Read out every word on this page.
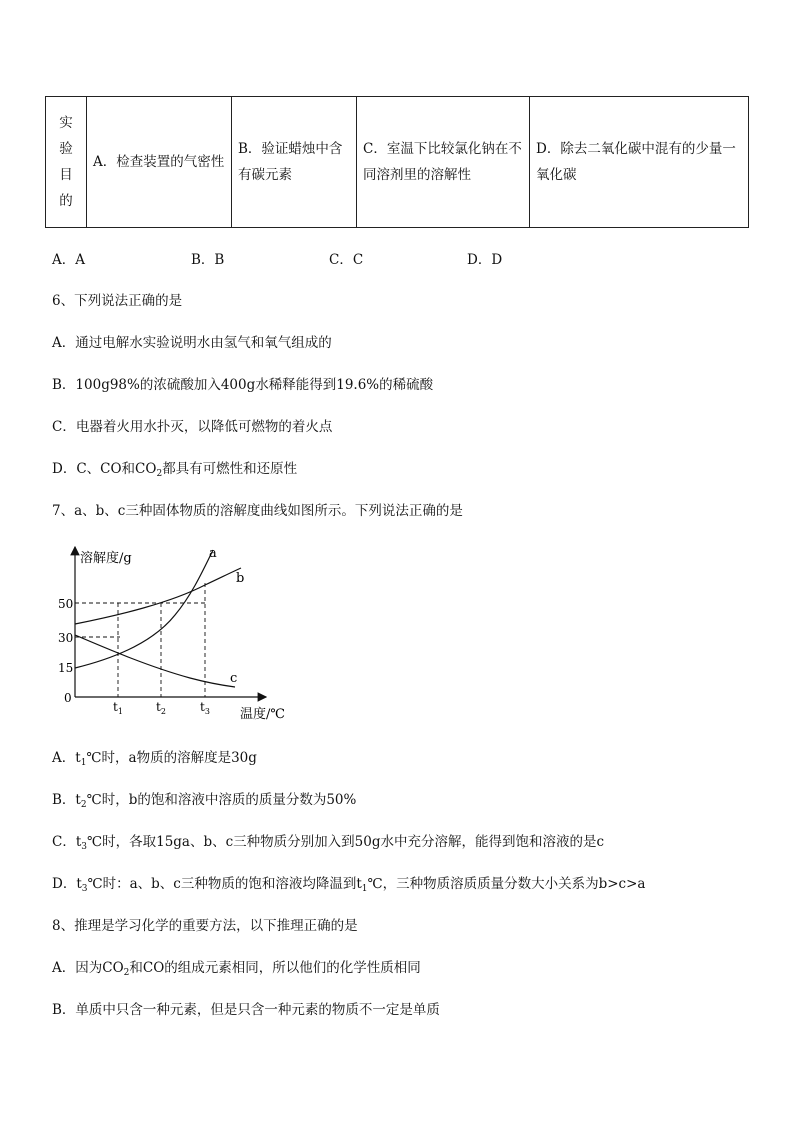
实
验
目
的
	A．检查装置的气密性	B．验证蜡烛中含有碳元素	C．室温下比较氯化钠在不同溶剂里的溶解性	D．除去二氧化碳中混有的少量一氧化碳
A．A	B．B	C．C	D．D
6、下列说法正确的是
A．通过电解水实验说明水由氢气和氧气组成的
B．100g98%的浓硫酸加入400g水稀释能得到19.6%的稀硫酸
C．电器着火用水扑灭，以降低可燃物的着火点
D．C、CO和$CO_2$都具有可燃性和还原性
7、a、b、c三种固体物质的溶解度曲线如图所示。下列说法正确的是
溶解度/g
温度/℃
50
30
15
0
$t_1$	$t_2$	$t_3$
a
b
c
A．$t_1℃$时，a物质的溶解度是30g
B．$t_2℃$时，b的饱和溶液中溶质的质量分数为50%
C．$t_3℃$时，各取15ga、b、c三种物质分别加入到50g水中充分溶解，能得到饱和溶液的是c
D．$t_3℃$时：a、b、c三种物质的饱和溶液均降温到$t_1℃$，三种物质溶质质量分数大小关系为b>c>a
8、推理是学习化学的重要方法，以下推理正确的是
A．因为$CO_2$和CO的组成元素相同，所以他们的化学性质相同
B．单质中只含一种元素，但是只含一种元素的物质不一定是单质
